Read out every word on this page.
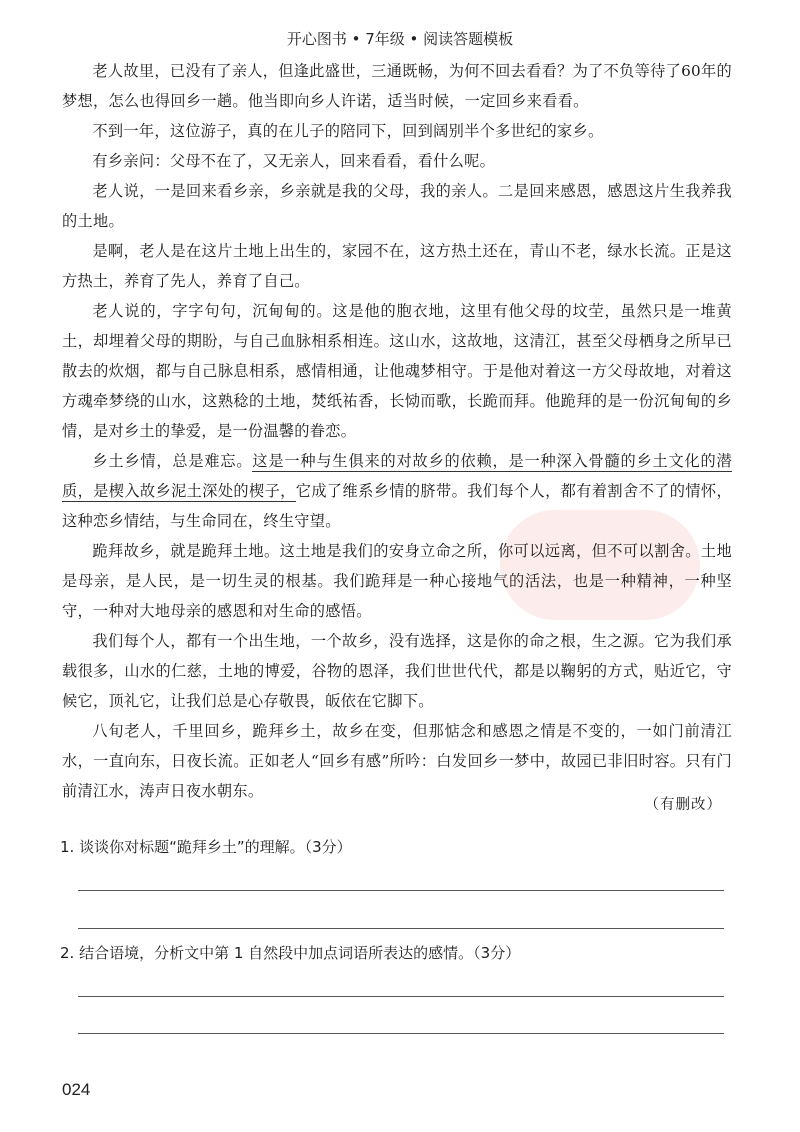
开心图书 • 7年级 • 阅读答题模板

老人故里，已没有了亲人，但逢此盛世，三通既畅，为何不回去看看？为了不负等待了60年的梦想，怎么也得回乡一趟。他当即向乡人许诺，适当时候，一定回乡来看看。

不到一年，这位游子，真的在儿子的陪同下，回到阔别半个多世纪的家乡。

有乡亲问：父母不在了，又无亲人，回来看看，看什么呢。

老人说，一是回来看乡亲，乡亲就是我的父母，我的亲人。二是回来感恩，感恩这片生我养我的土地。

是啊，老人是在这片土地上出生的，家园不在，这方热土还在，青山不老，绿水长流。正是这方热土，养育了先人，养育了自己。

老人说的，字字句句，沉甸甸的。这是他的胞衣地，这里有他父母的坟茔，虽然只是一堆黄土，却埋着父母的期盼，与自己血脉相系相连。这山水，这故地，这清江，甚至父母栖身之所早已散去的炊烟，都与自己脉息相系，感情相通，让他魂梦相守。于是他对着这一方父母故地，对着这方魂牵梦绕的山水，这熟稔的土地，焚纸祐香，长恸而歌，长跪而拜。他跪拜的是一份沉甸甸的乡情，是对乡土的挚爱，是一份温馨的眷恋。

乡土乡情，总是难忘。这是一种与生俱来的对故乡的依赖，是一种深入骨髓的乡土文化的潜质，是楔入故乡泥土深处的楔子，它成了维系乡情的脐带。我们每个人，都有着割舍不了的情怀，这种恋乡情结，与生命同在，终生守望。

跪拜故乡，就是跪拜土地。这土地是我们的安身立命之所，你可以远离，但不可以割舍。土地是母亲，是人民，是一切生灵的根基。我们跪拜是一种心接地气的活法，也是一种精神，一种坚守，一种对大地母亲的感恩和对生命的感悟。

我们每个人，都有一个出生地，一个故乡，没有选择，这是你的命之根，生之源。它为我们承载很多，山水的仁慈，土地的博爱，谷物的恩泽，我们世世代代，都是以鞠躬的方式，贴近它，守候它，顶礼它，让我们总是心存敬畏，皈依在它脚下。

八旬老人，千里回乡，跪拜乡土，故乡在变，但那惦念和感恩之情是不变的，一如门前清江水，一直向东，日夜长流。正如老人“回乡有感”所吟：白发回乡一梦中，故园已非旧时容。只有门前清江水，涛声日夜水朝东。

（有删改）
1. 谈谈你对标题“跪拜乡土”的理解。（3分）
2. 结合语境，分析文中第 1 自然段中加点词语所表达的感情。（3分）
024
